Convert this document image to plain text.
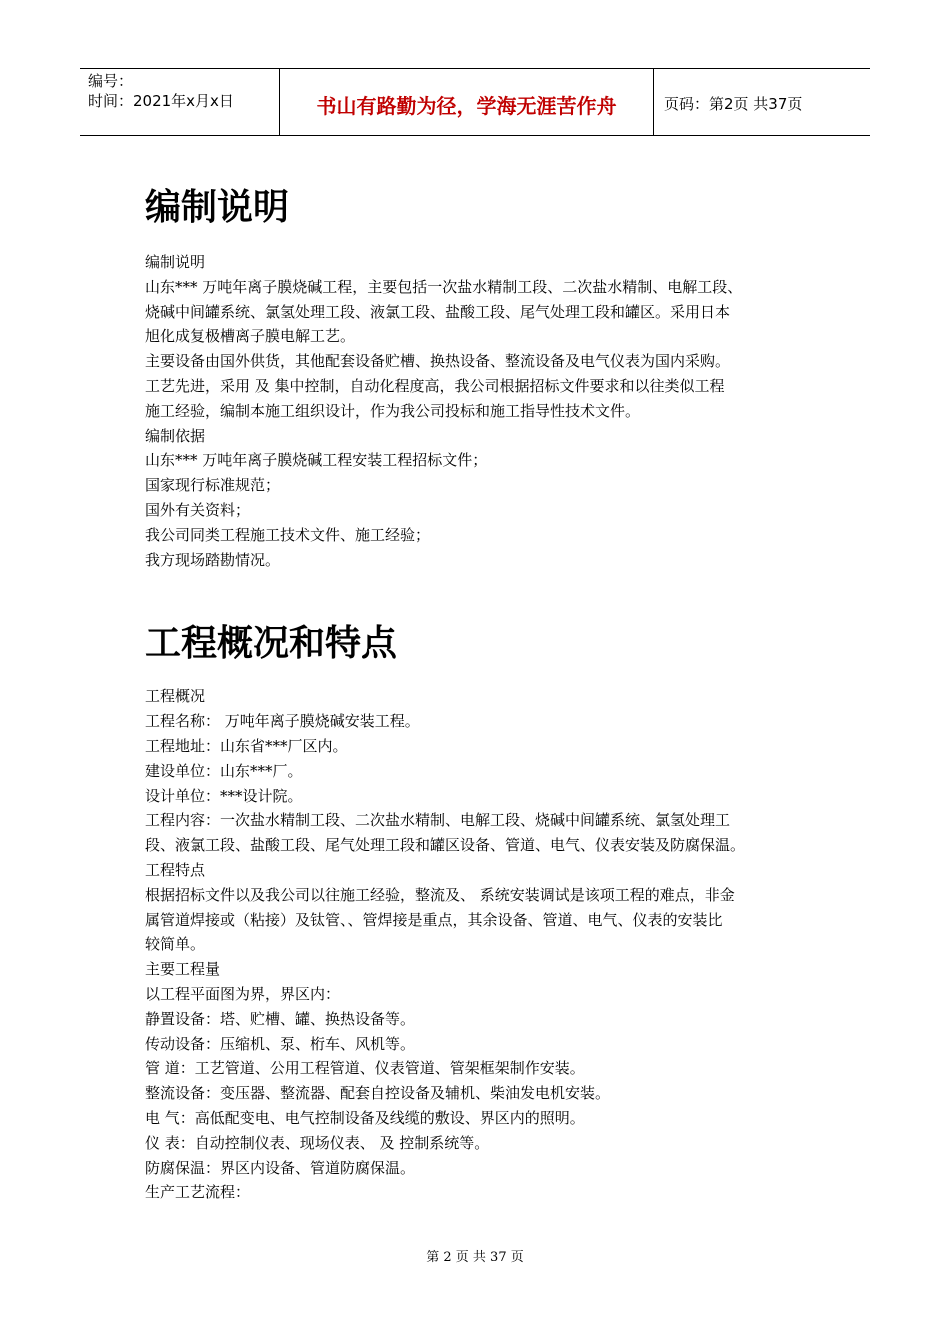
编号：
时间：2021年x月x日	书山有路勤为径，学海无涯苦作舟	页码：第2页 共37页
编制说明

编制说明

山东*** 万吨年离子膜烧碱工程，主要包括一次盐水精制工段、二次盐水精制、电解工段、

烧碱中间罐系统、氯氢处理工段、液氯工段、盐酸工段、尾气处理工段和罐区。采用日本

旭化成复极槽离子膜电解工艺。

主要设备由国外供货，其他配套设备贮槽、换热设备、整流设备及电气仪表为国内采购。

工艺先进，采用 及 集中控制，自动化程度高，我公司根据招标文件要求和以往类似工程

施工经验，编制本施工组织设计，作为我公司投标和施工指导性技术文件。

编制依据

山东*** 万吨年离子膜烧碱工程安装工程招标文件；

国家现行标准规范；

国外有关资料；

我公司同类工程施工技术文件、施工经验；

我方现场踏勘情况。

工程概况和特点

工程概况

工程名称： 万吨年离子膜烧碱安装工程。

工程地址：山东省***厂区内。

建设单位：山东***厂。

设计单位：***设计院。

工程内容：一次盐水精制工段、二次盐水精制、电解工段、烧碱中间罐系统、氯氢处理工

段、液氯工段、盐酸工段、尾气处理工段和罐区设备、管道、电气、仪表安装及防腐保温。

工程特点

根据招标文件以及我公司以往施工经验，整流及、 系统安装调试是该项工程的难点，非金

属管道焊接或（粘接）及钛管、、管焊接是重点，其余设备、管道、电气、仪表的安装比

较简单。

主要工程量

以工程平面图为界，界区内：

静置设备：塔、贮槽、罐、换热设备等。

传动设备：压缩机、泵、桁车、风机等。

管 道：工艺管道、公用工程管道、仪表管道、管架框架制作安装。

整流设备：变压器、整流器、配套自控设备及辅机、柴油发电机安装。

电 气：高低配变电、电气控制设备及线缆的敷设、界区内的照明。

仪 表：自动控制仪表、现场仪表、 及 控制系统等。

防腐保温：界区内设备、管道防腐保温。

生产工艺流程：

第 2 页 共 37 页
